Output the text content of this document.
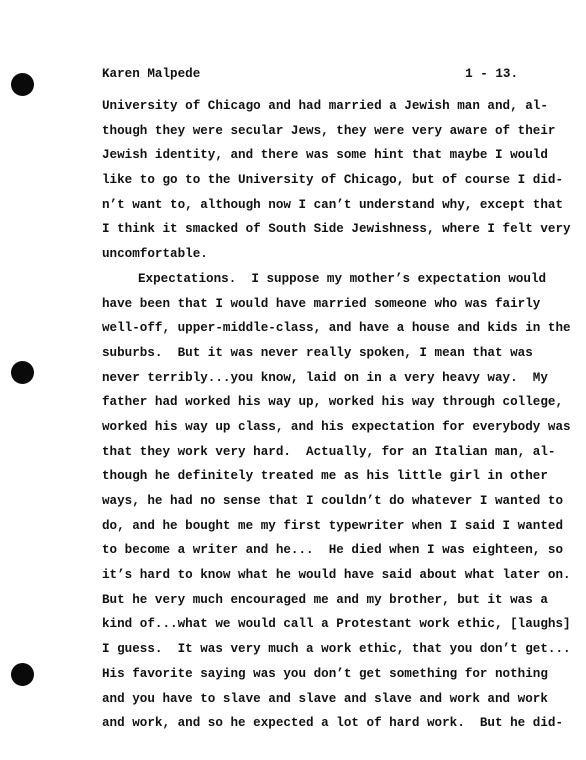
Karen Malpede	1 - 13.
University of Chicago and had married a Jewish man and, al-
though they were secular Jews, they were very aware of their
Jewish identity, and there was some hint that maybe I would
like to go to the University of Chicago, but of course I did-
n’t want to, although now I can’t understand why, except that
I think it smacked of South Side Jewishness, where I felt very
uncomfortable.
Expectations.  I suppose my mother’s expectation would
have been that I would have married someone who was fairly
well-off, upper-middle-class, and have a house and kids in the
suburbs.  But it was never really spoken, I mean that was
never terribly...you know, laid on in a very heavy way.  My
father had worked his way up, worked his way through college,
worked his way up class, and his expectation for everybody was
that they work very hard.  Actually, for an Italian man, al-
though he definitely treated me as his little girl in other
ways, he had no sense that I couldn’t do whatever I wanted to
do, and he bought me my first typewriter when I said I wanted
to become a writer and he...  He died when I was eighteen, so
it’s hard to know what he would have said about what later on.
But he very much encouraged me and my brother, but it was a
kind of...what we would call a Protestant work ethic, [laughs]
I guess.  It was very much a work ethic, that you don’t get...
His favorite saying was you don’t get something for nothing
and you have to slave and slave and slave and work and work
and work, and so he expected a lot of hard work.  But he did-
